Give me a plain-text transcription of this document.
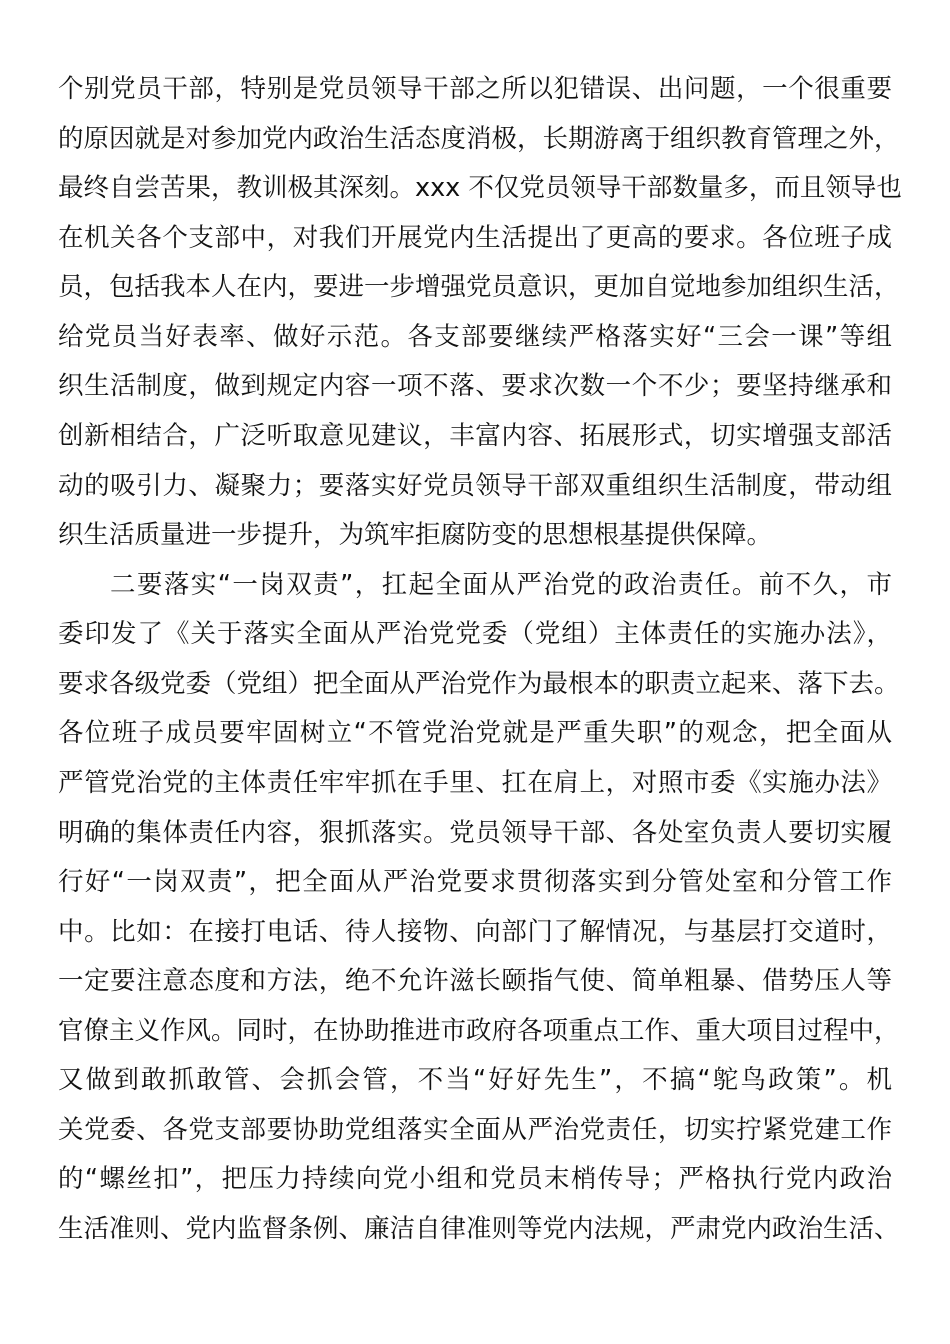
个别党员干部，特别是党员领导干部之所以犯错误、出问题，一个很重要
的原因就是对参加党内政治生活态度消极，长期游离于组织教育管理之外，
最终自尝苦果，教训极其深刻。xxx 不仅党员领导干部数量多，而且领导也
在机关各个支部中，对我们开展党内生活提出了更高的要求。各位班子成
员，包括我本人在内，要进一步增强党员意识，更加自觉地参加组织生活，
给党员当好表率、做好示范。各支部要继续严格落实好“三会一课”等组
织生活制度，做到规定内容一项不落、要求次数一个不少；要坚持继承和
创新相结合，广泛听取意见建议，丰富内容、拓展形式，切实增强支部活
动的吸引力、凝聚力；要落实好党员领导干部双重组织生活制度，带动组
织生活质量进一步提升，为筑牢拒腐防变的思想根基提供保障。
二要落实“一岗双责”，扛起全面从严治党的政治责任。前不久，市
委印发了《关于落实全面从严治党党委（党组）主体责任的实施办法》，
要求各级党委（党组）把全面从严治党作为最根本的职责立起来、落下去。
各位班子成员要牢固树立“不管党治党就是严重失职”的观念，把全面从
严管党治党的主体责任牢牢抓在手里、扛在肩上，对照市委《实施办法》
明确的集体责任内容，狠抓落实。党员领导干部、各处室负责人要切实履
行好“一岗双责”，把全面从严治党要求贯彻落实到分管处室和分管工作
中。比如：在接打电话、待人接物、向部门了解情况，与基层打交道时，
一定要注意态度和方法，绝不允许滋长颐指气使、简单粗暴、借势压人等
官僚主义作风。同时，在协助推进市政府各项重点工作、重大项目过程中，
又做到敢抓敢管、会抓会管，不当“好好先生”，不搞“鸵鸟政策”。机
关党委、各党支部要协助党组落实全面从严治党责任，切实拧紧党建工作
的“螺丝扣”，把压力持续向党小组和党员末梢传导；严格执行党内政治
生活准则、党内监督条例、廉洁自律准则等党内法规，严肃党内政治生活、
